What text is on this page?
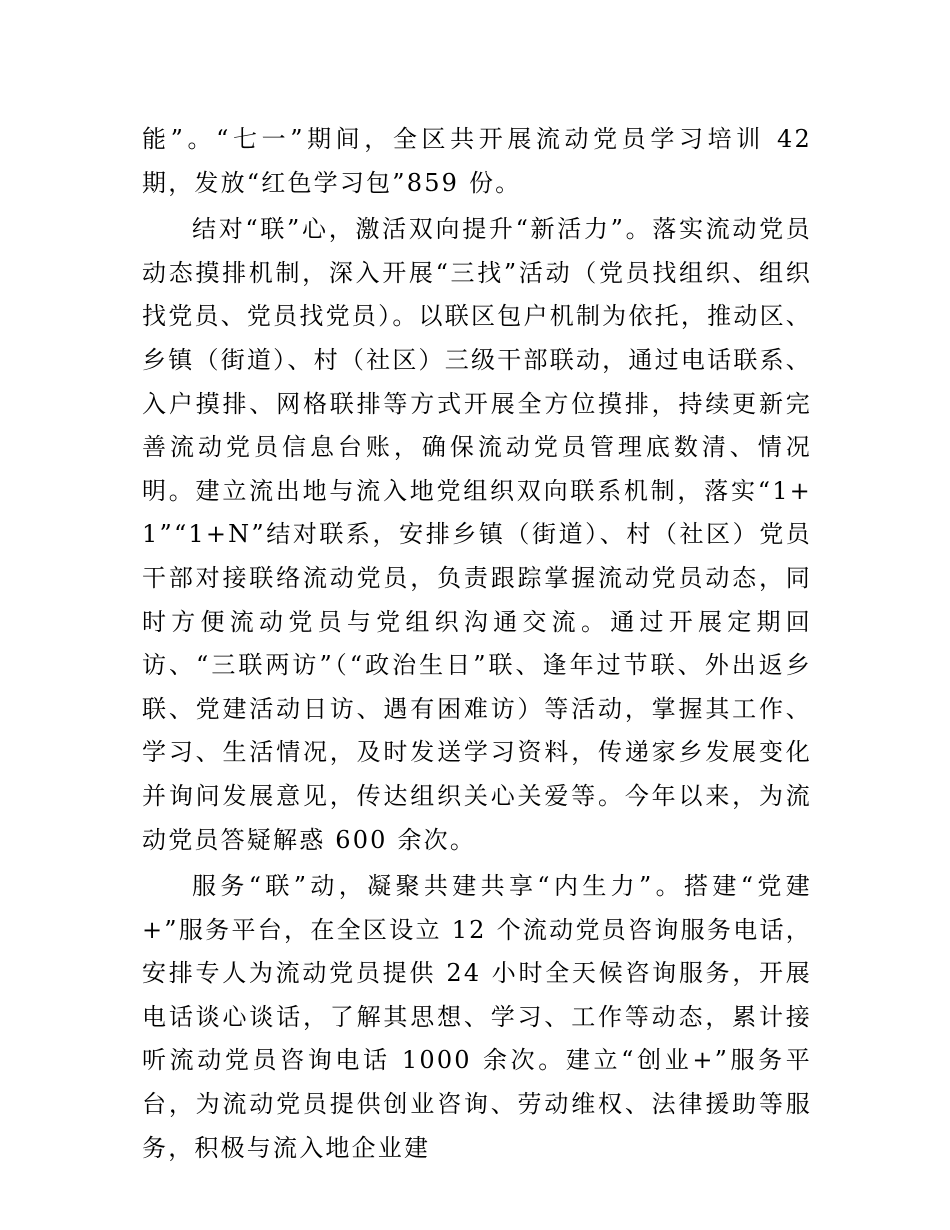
能”。“七一”期间，全区共开展流动党员学习培训 42 期，发放“红色学习包”859 份。

结对“联”心，激活双向提升“新活力”。落实流动党员动态摸排机制，深入开展“三找”活动（党员找组织、组织找党员、党员找党员）。以联区包户机制为依托，推动区、乡镇（街道）、村（社区）三级干部联动，通过电话联系、入户摸排、网格联排等方式开展全方位摸排，持续更新完善流动党员信息台账，确保流动党员管理底数清、情况明。建立流出地与流入地党组织双向联系机制，落实“1+1”“1+N”结对联系，安排乡镇（街道）、村（社区）党员干部对接联络流动党员，负责跟踪掌握流动党员动态，同时方便流动党员与党组织沟通交流。通过开展定期回访、“三联两访”（“政治生日”联、逢年过节联、外出返乡联、党建活动日访、遇有困难访）等活动，掌握其工作、学习、生活情况，及时发送学习资料，传递家乡发展变化并询问发展意见，传达组织关心关爱等。今年以来，为流动党员答疑解惑 600 余次。

服务“联”动，凝聚共建共享“内生力”。搭建“党建+”服务平台，在全区设立 12 个流动党员咨询服务电话，安排专人为流动党员提供 24 小时全天候咨询服务，开展电话谈心谈话，了解其思想、学习、工作等动态，累计接听流动党员咨询电话 1000 余次。建立“创业+”服务平台，为流动党员提供创业咨询、劳动维权、法律援助等服务，积极与流入地企业建
